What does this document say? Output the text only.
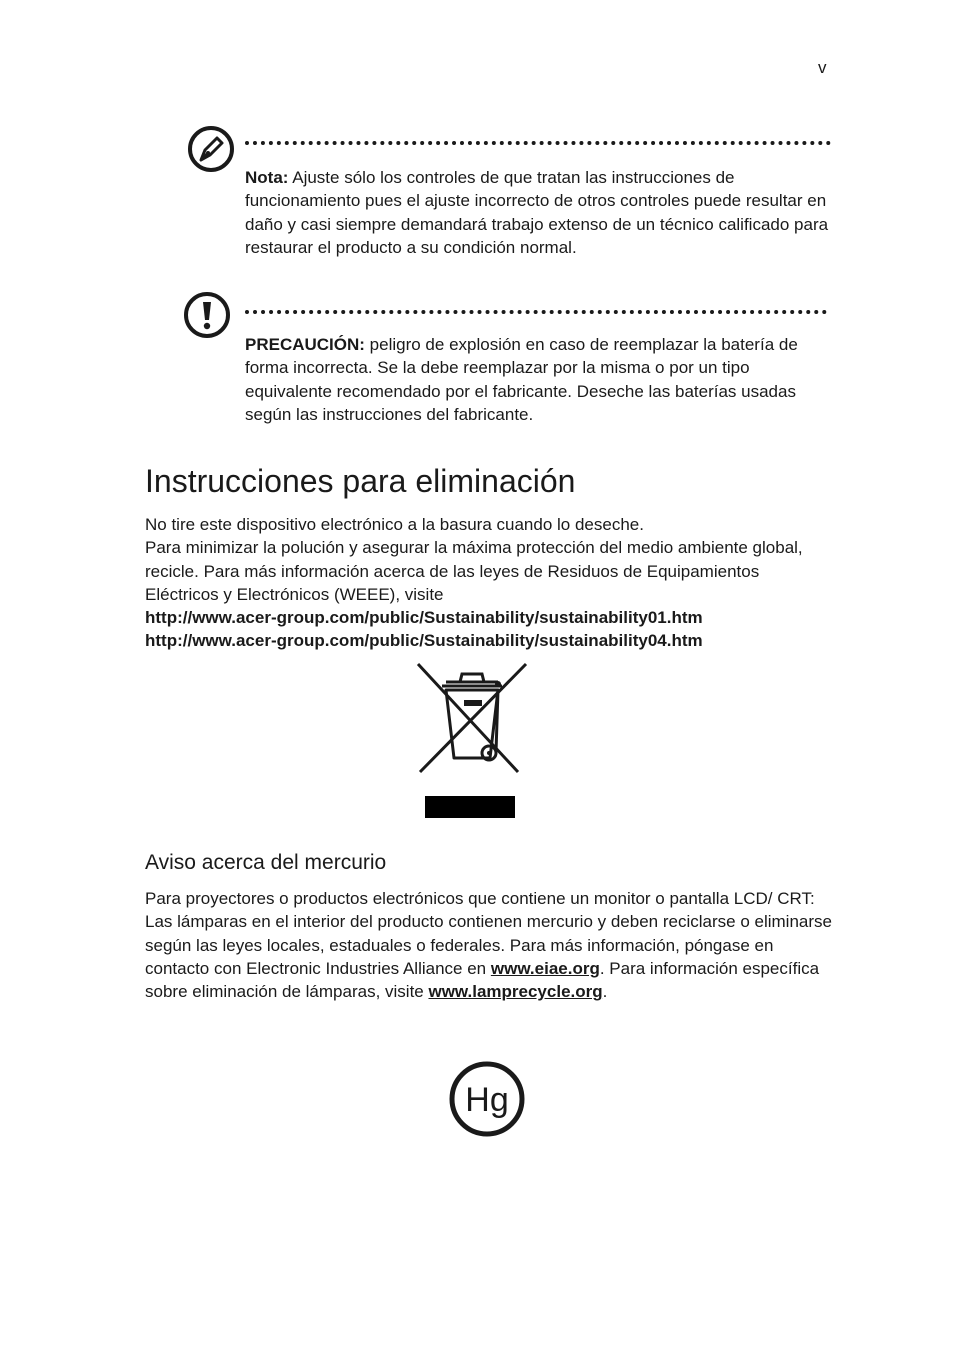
v
Nota: Ajuste sólo los controles de que tratan las instrucciones de funcionamiento pues el ajuste incorrecto de otros controles puede resultar en daño y casi siempre demandará trabajo extenso de un técnico calificado para restaurar el producto a su condición normal.
PRECAUCIÓN: peligro de explosión en caso de reemplazar la batería de forma incorrecta. Se la debe reemplazar por la misma o por un tipo equivalente recomendado por el fabricante. Deseche las baterías usadas según las instrucciones del fabricante.
Instrucciones para eliminación
No tire este dispositivo electrónico a la basura cuando lo deseche.
Para minimizar la polución y asegurar la máxima protección del medio ambiente global, recicle. Para más información acerca de las leyes de Residuos de Equipamientos Eléctricos y Electrónicos (WEEE), visite
http://www.acer-group.com/public/Sustainability/sustainability01.htm
http://www.acer-group.com/public/Sustainability/sustainability04.htm
Aviso acerca del mercurio
Para proyectores o productos electrónicos que contiene un monitor o pantalla LCD/ CRT:
Las lámparas en el interior del producto contienen mercurio y deben reciclarse o eliminarse según las leyes locales, estaduales o federales. Para más información, póngase en contacto con Electronic Industries Alliance en www.eiae.org. Para información específica sobre eliminación de lámparas, visite www.lamprecycle.org.
Hg
